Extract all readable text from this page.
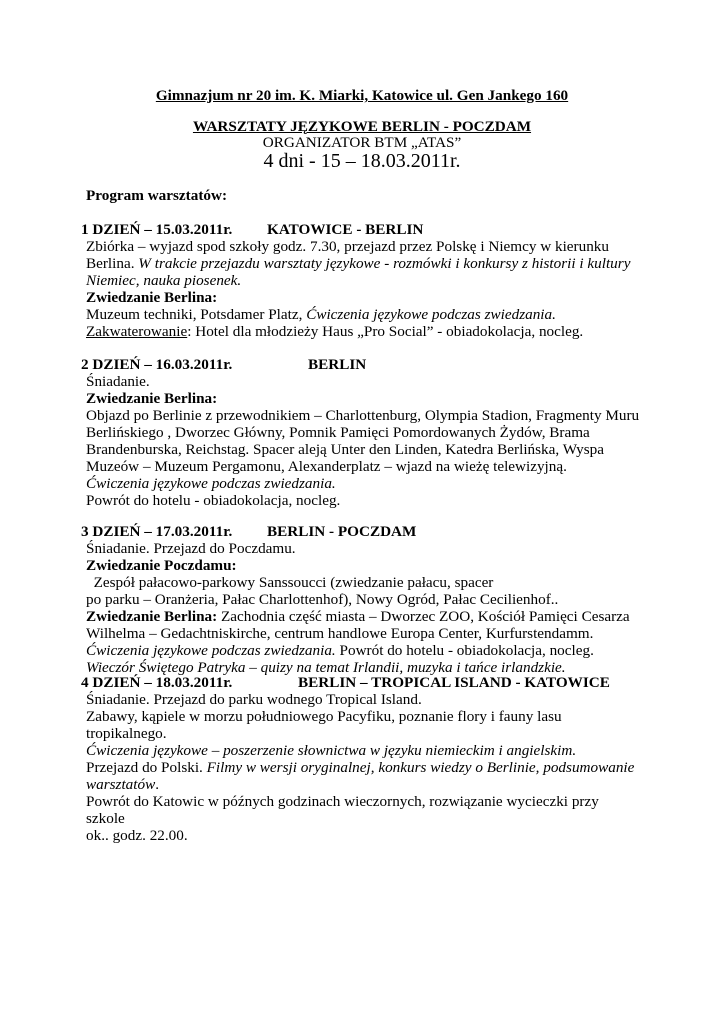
Gimnazjum nr 20 im. K. Miarki, Katowice ul. Gen Jankego 160
WARSZTATY JĘZYKOWE BERLIN - POCZDAM
ORGANIZATOR BTM „ATAS”
4 dni - 15 – 18.03.2011r.
Program warsztatów:
1 DZIEŃ – 15.03.2011r. KATOWICE - BERLIN

Zbiórka – wyjazd spod szkoły godz. 7.30, przejazd przez Polskę i Niemcy w kierunku

Berlina. W trakcie przejazdu warsztaty językowe - rozmówki i konkursy z historii i kultury

Niemiec, nauka piosenek.

Zwiedzanie Berlina:

Muzeum techniki, Potsdamer Platz, Ćwiczenia językowe podczas zwiedzania.

Zakwaterowanie: Hotel dla młodzieży Haus „Pro Social” - obiadokolacja, nocleg.

2 DZIEŃ – 16.03.2011r.	BERLIN

Śniadanie.

Zwiedzanie Berlina:

Objazd po Berlinie z przewodnikiem – Charlottenburg, Olympia Stadion, Fragmenty Muru

Berlińskiego , Dworzec Główny, Pomnik Pamięci Pomordowanych Żydów, Brama

Brandenburska, Reichstag. Spacer aleją Unter den Linden, Katedra Berlińska, Wyspa

Muzeów – Muzeum Pergamonu, Alexanderplatz – wjazd na wieżę telewizyjną.

Ćwiczenia językowe podczas zwiedzania.

Powrót do hotelu - obiadokolacja, nocleg.

3 DZIEŃ – 17.03.2011r. BERLIN - POCZDAM

Śniadanie. Przejazd do Poczdamu.

Zwiedzanie Poczdamu:  Zespół pałacowo-parkowy Sanssoucci (zwiedzanie pałacu, spacer

po parku – Oranżeria, Pałac Charlottenhof), Nowy Ogród, Pałac Cecilienhof..

Zwiedzanie Berlina: Zachodnia część miasta – Dworzec ZOO, Kościół Pamięci Cesarza

Wilhelma – Gedachtniskirche, centrum handlowe Europa Center, Kurfurstendamm.

Ćwiczenia językowe podczas zwiedzania. Powrót do hotelu - obiadokolacja, nocleg.

Wieczór Świętego Patryka – quizy na temat Irlandii, muzyka i tańce irlandzkie.

4 DZIEŃ – 18.03.2011r.	BERLIN – TROPICAL ISLAND - KATOWICE

Śniadanie. Przejazd do parku wodnego Tropical Island.

Zabawy, kąpiele w morzu południowego Pacyfiku, poznanie flory i fauny lasu tropikalnego.

Ćwiczenia językowe – poszerzenie słownictwa w języku niemieckim i angielskim.

Przejazd do Polski. Filmy w wersji oryginalnej, konkurs wiedzy o Berlinie, podsumowanie

warsztatów.

Powrót do Katowic w późnych godzinach wieczornych, rozwiązanie wycieczki przy szkole

ok.. godz. 22.00.
